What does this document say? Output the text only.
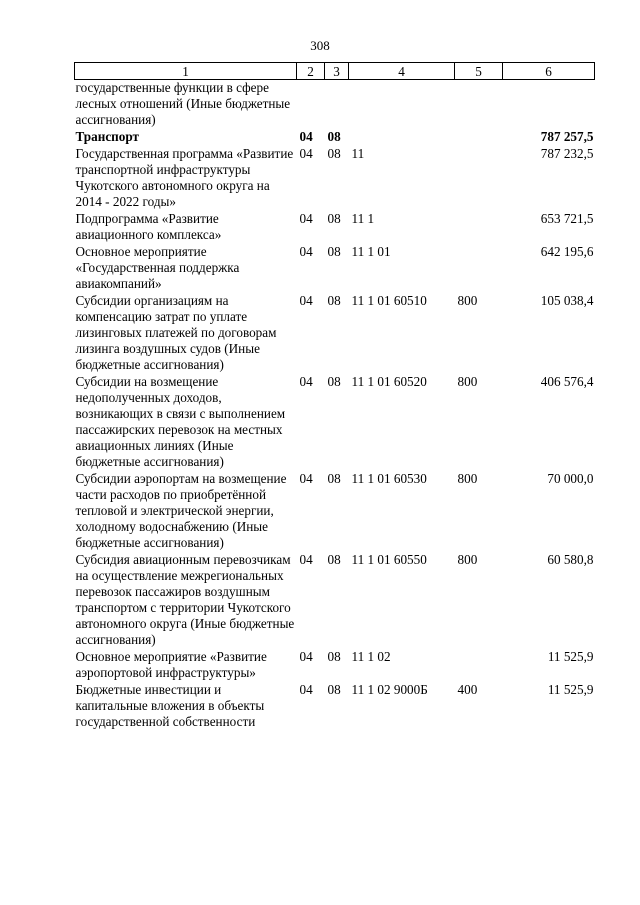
308
1	2	3	4	5	6
государственные функции в сфере лесных отношений (Иные бюджетные ассигнования)					
Транспорт	04	08			787 257,5
Государственная программа «Развитие транспортной инфраструктуры Чукотского автономного округа на 2014 - 2022 годы»	04	08	11		787 232,5
Подпрограмма «Развитие авиационного комплекса»	04	08	11 1		653 721,5
Основное мероприятие «Государственная поддержка авиакомпаний»	04	08	11 1 01		642 195,6
Субсидии организациям на компенсацию затрат по уплате лизинговых платежей по договорам лизинга воздушных судов (Иные бюджетные ассигнования)	04	08	11 1 01 60510	800	105 038,4
Субсидии на возмещение недополученных доходов, возникающих в связи с выполнением пассажирских перевозок на местных авиационных линиях (Иные бюджетные ассигнования)	04	08	11 1 01 60520	800	406 576,4
Субсидии аэропортам на возмещение части расходов по приобретённой тепловой и электрической энергии, холодному водоснабжению (Иные бюджетные ассигнования)	04	08	11 1 01 60530	800	70 000,0
Субсидия авиационным перевозчикам на осуществление межрегиональных перевозок пассажиров воздушным транспортом с территории Чукотского автономного округа (Иные бюджетные ассигнования)	04	08	11 1 01 60550	800	60 580,8
Основное мероприятие «Развитие аэропортовой инфраструктуры»	04	08	11 1 02		11 525,9
Бюджетные инвестиции и капитальные вложения в объекты государственной собственности	04	08	11 1 02 9000Б	400	11 525,9
